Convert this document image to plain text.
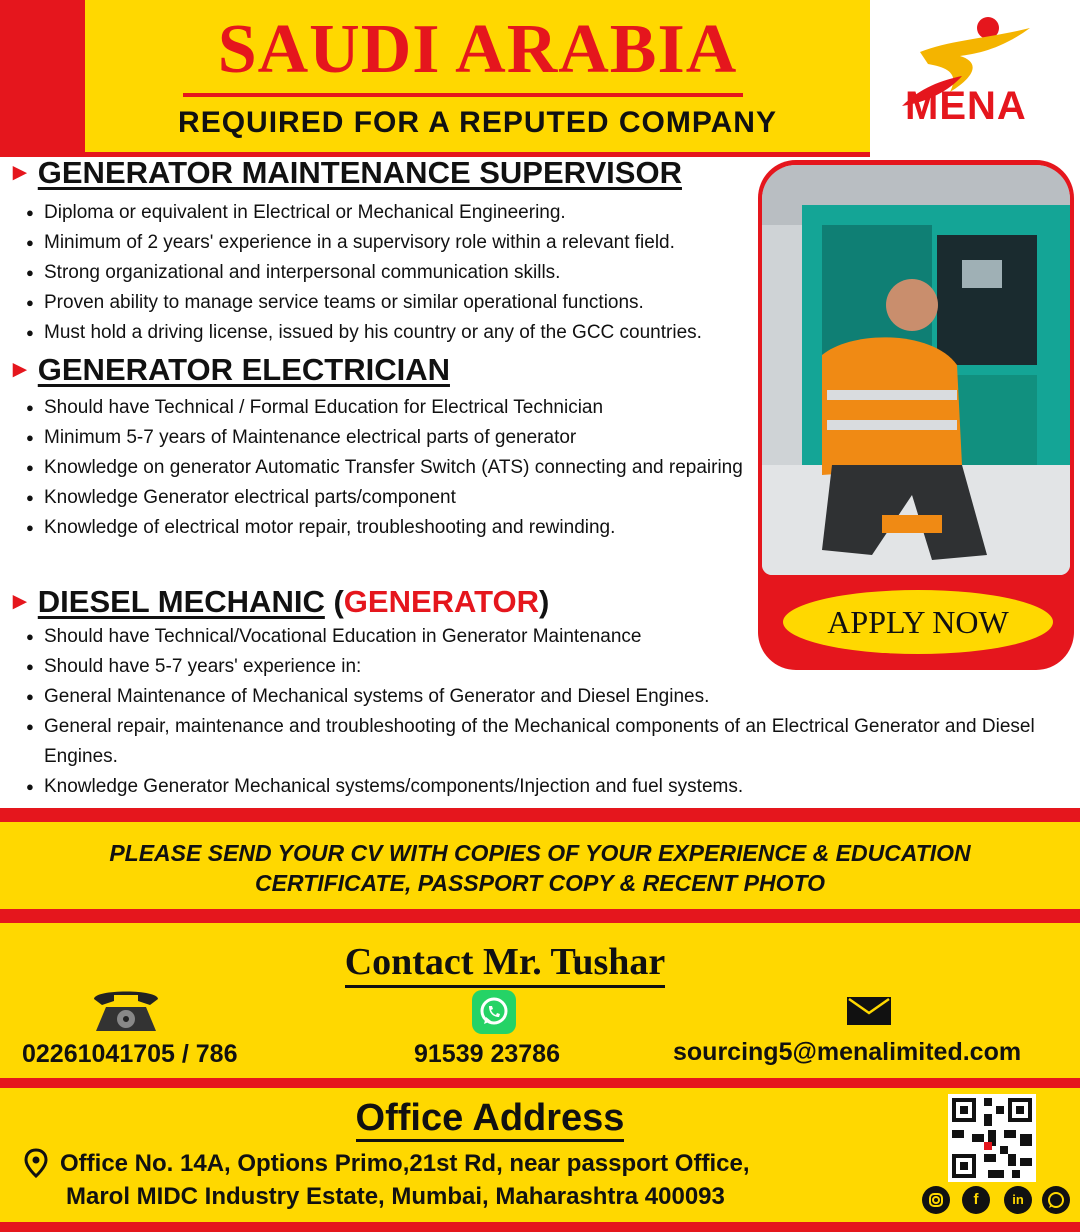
SAUDI ARABIA
REQUIRED FOR A REPUTED COMPANY	MENA
► GENERATOR MAINTENANCE SUPERVISOR
● Diploma or equivalent in Electrical or Mechanical Engineering.
● Minimum of 2 years' experience in a supervisory role within a relevant field.
● Strong organizational and interpersonal communication skills.
● Proven ability to manage service teams or similar operational functions.
● Must hold a driving license, issued by his country or any of the GCC countries.
► GENERATOR ELECTRICIAN
● Should have Technical / Formal Education for Electrical Technician
● Minimum 5-7 years of Maintenance electrical parts of generator
● Knowledge on generator Automatic Transfer Switch (ATS) connecting and repairing
● Knowledge Generator electrical parts/component
● Knowledge of electrical motor repair, troubleshooting and rewinding.
► DIESEL MECHANIC (GENERATOR)
● Should have Technical/Vocational Education in Generator Maintenance
● Should have 5-7 years' experience in:
● General Maintenance of Mechanical systems of Generator and Diesel Engines.
● General repair, maintenance and troubleshooting of the Mechanical components of an Electrical Generator and Diesel Engines.
● Knowledge Generator Mechanical systems/components/Injection and fuel systems.
APPLY NOW
PLEASE SEND YOUR CV WITH COPIES OF YOUR EXPERIENCE & EDUCATION
CERTIFICATE, PASSPORT COPY & RECENT PHOTO
Contact Mr. Tushar
02261041705 / 786	91539 23786	sourcing5@menalimited.com
Office Address
Office No. 14A, Options Primo,21st Rd, near passport Office,
Marol MIDC Industry Estate, Mumbai, Maharashtra 400093	f	in
